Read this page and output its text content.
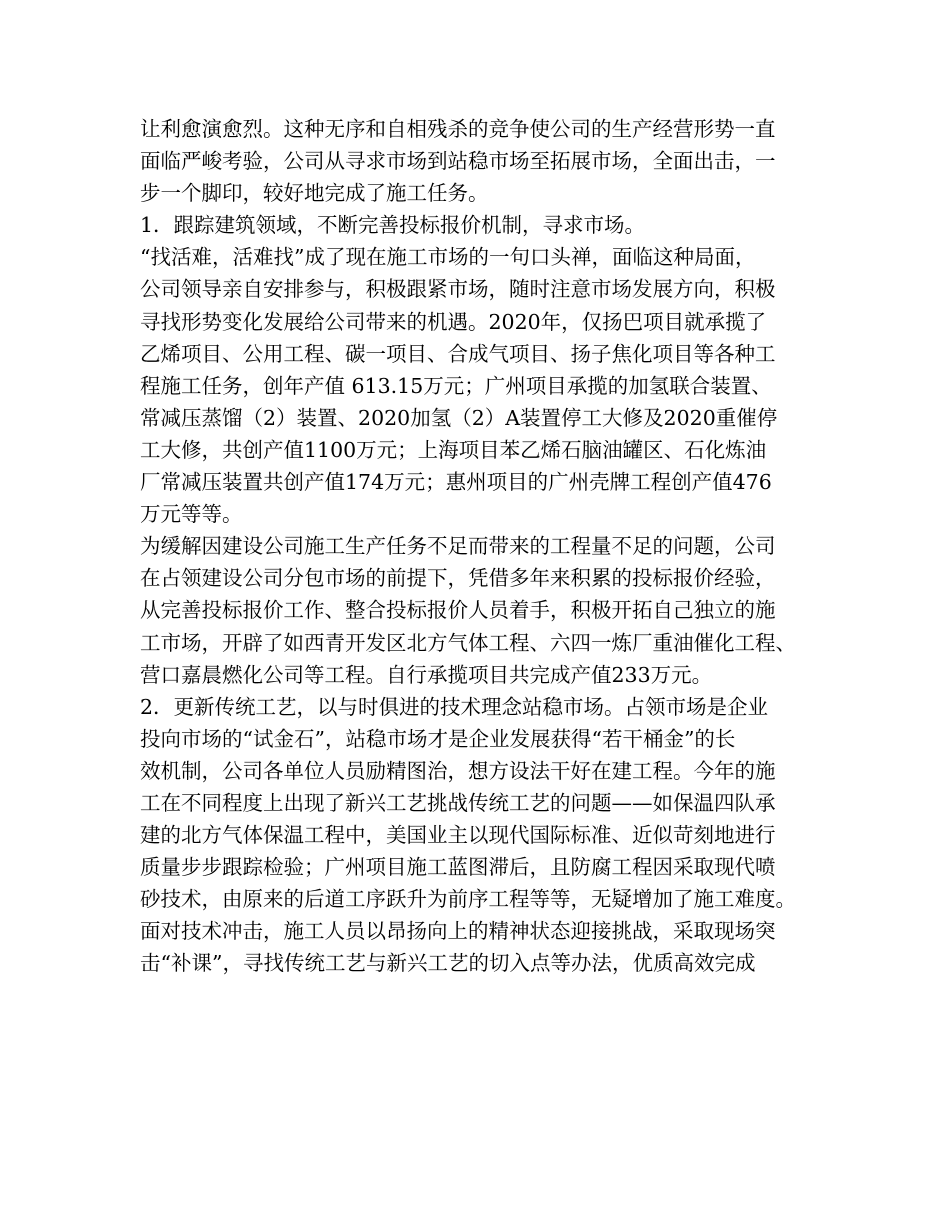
让利愈演愈烈。这种无序和自相残杀的竞争使公司的生产经营形势一直
面临严峻考验，公司从寻求市场到站稳市场至拓展市场，全面出击，一
步一个脚印，较好地完成了施工任务。
1．跟踪建筑领域，不断完善投标报价机制，寻求市场。
“找活难，活难找”成了现在施工市场的一句口头禅，面临这种局面，
公司领导亲自安排参与，积极跟紧市场，随时注意市场发展方向，积极
寻找形势变化发展给公司带来的机遇。2020年，仅扬巴项目就承揽了
乙烯项目、公用工程、碳一项目、合成气项目、扬子焦化项目等各种工
程施工任务，创年产值 613.15万元；广州项目承揽的加氢联合装置、
常减压蒸馏（2）装置、2020加氢（2）A装置停工大修及2020重催停
工大修，共创产值1100万元；上海项目苯乙烯石脑油罐区、石化炼油
厂常减压装置共创产值174万元；惠州项目的广州壳牌工程创产值476
万元等等。
为缓解因建设公司施工生产任务不足而带来的工程量不足的问题，公司
在占领建设公司分包市场的前提下，凭借多年来积累的投标报价经验，
从完善投标报价工作、整合投标报价人员着手，积极开拓自己独立的施
工市场，开辟了如西青开发区北方气体工程、六四一炼厂重油催化工程、
营口嘉晨燃化公司等工程。自行承揽项目共完成产值233万元。
2．更新传统工艺，以与时俱进的技术理念站稳市场。占领市场是企业
投向市场的“试金石”，站稳市场才是企业发展获得“若干桶金”的长
效机制，公司各单位人员励精图治，想方设法干好在建工程。今年的施
工在不同程度上出现了新兴工艺挑战传统工艺的问题——如保温四队承
建的北方气体保温工程中，美国业主以现代国际标准、近似苛刻地进行
质量步步跟踪检验；广州项目施工蓝图滞后，且防腐工程因采取现代喷
砂技术，由原来的后道工序跃升为前序工程等等，无疑增加了施工难度。
面对技术冲击，施工人员以昂扬向上的精神状态迎接挑战，采取现场突
击“补课”，寻找传统工艺与新兴工艺的切入点等办法，优质高效完成
